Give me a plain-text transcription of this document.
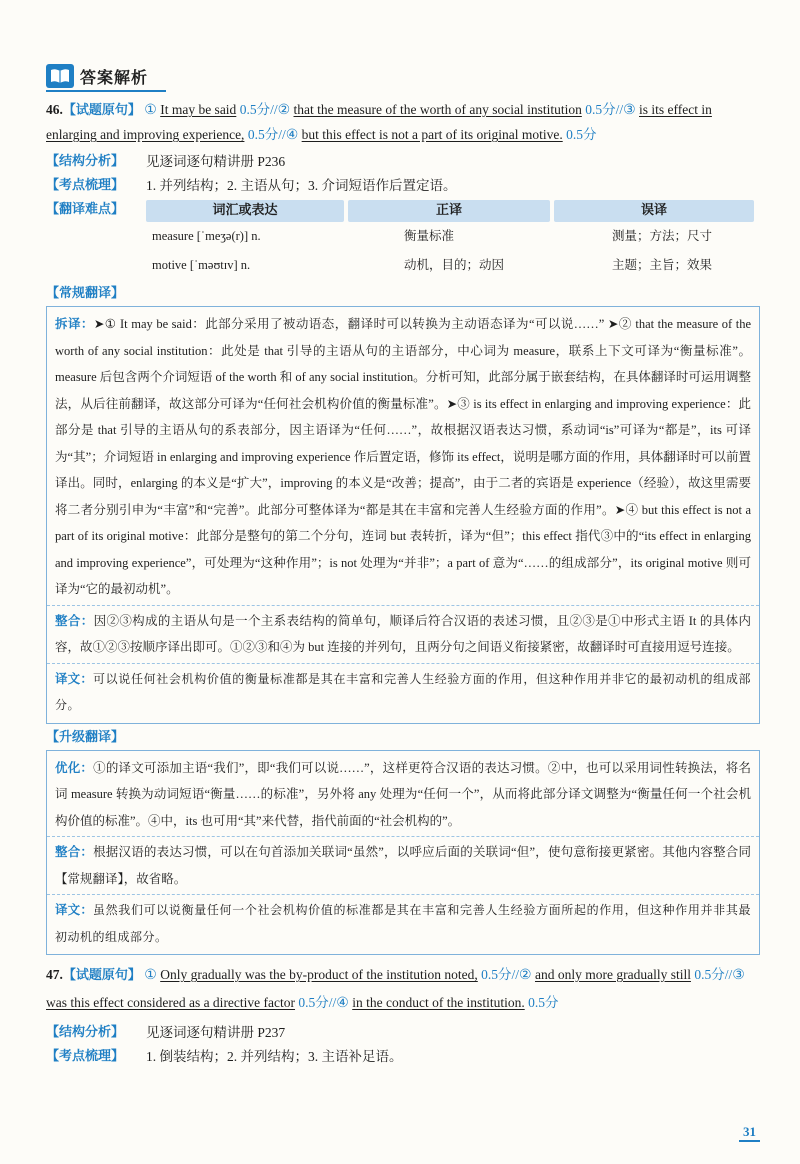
答案解析
46.【试题原句】 ① It may be said 0.5分//② that the measure of the worth of any social institution 0.5分//③ is its effect in enlarging and improving experience, 0.5分//④ but this effect is not a part of its original motive. 0.5分
【结构分析】	见逐词逐句精讲册 P236
【考点梳理】	1. 并列结构；2. 主语从句；3. 介词短语作后置定语。
【翻译难点】	词汇或表达	正译	误译
measure [ˈmeʒə(r)] n.	衡量标准	测量；方法；尺寸
motive [ˈməʊtɪv] n.	动机，目的；动因	主题；主旨；效果
【常规翻译】
拆译：➤① It may be said：此部分采用了被动语态，翻译时可以转换为主动语态译为“可以说……” ➤② that the measure of the worth of any social institution：此处是 that 引导的主语从句的主语部分，中心词为 measure，联系上下文可译为“衡量标准”。measure 后包含两个介词短语 of the worth 和 of any social institution。分析可知，此部分属于嵌套结构，在具体翻译时可运用调整法，从后往前翻译，故这部分可译为“任何社会机构价值的衡量标准”。➤③ is its effect in enlarging and improving experience：此部分是 that 引导的主语从句的系表部分，因主语译为“任何……”，故根据汉语表达习惯，系动词“is”可译为“都是”，its 可译为“其”；介词短语 in enlarging and improving experience 作后置定语，修饰 its effect，说明是哪方面的作用，具体翻译时可以前置译出。同时，enlarging 的本义是“扩大”，improving 的本义是“改善；提高”，由于二者的宾语是 experience（经验），故这里需要将二者分别引申为“丰富”和“完善”。此部分可整体译为“都是其在丰富和完善人生经验方面的作用”。➤④ but this effect is not a part of its original motive：此部分是整句的第二个分句，连词 but 表转折，译为“但”；this effect 指代③中的“its effect in enlarging and improving experience”，可处理为“这种作用”；is not 处理为“并非”；a part of 意为“……的组成部分”，its original motive 则可译为“它的最初动机”。
整合：因②③构成的主语从句是一个主系表结构的简单句，顺译后符合汉语的表述习惯，且②③是①中形式主语 It 的具体内容，故①②③按顺序译出即可。①②③和④为 but 连接的并列句，且两分句之间语义衔接紧密，故翻译时可直接用逗号连接。
译文：可以说任何社会机构价值的衡量标准都是其在丰富和完善人生经验方面的作用，但这种作用并非它的最初动机的组成部分。
【升级翻译】
优化：①的译文可添加主语“我们”，即“我们可以说……”，这样更符合汉语的表达习惯。②中，也可以采用词性转换法，将名词 measure 转换为动词短语“衡量……的标准”，另外将 any 处理为“任何一个”，从而将此部分译文调整为“衡量任何一个社会机构价值的标准”。④中，its 也可用“其”来代替，指代前面的“社会机构的”。
整合：根据汉语的表达习惯，可以在句首添加关联词“虽然”，以呼应后面的关联词“但”，使句意衔接更紧密。其他内容整合同【常规翻译】，故省略。
译文：虽然我们可以说衡量任何一个社会机构价值的标准都是其在丰富和完善人生经验方面所起的作用，但这种作用并非其最初动机的组成部分。
47.【试题原句】 ① Only gradually was the by-product of the institution noted, 0.5分//② and only more gradually still 0.5分//③ was this effect considered as a directive factor 0.5分//④ in the conduct of the institution. 0.5分
【结构分析】	见逐词逐句精讲册 P237
【考点梳理】	1. 倒装结构；2. 并列结构；3. 主语补足语。
31
